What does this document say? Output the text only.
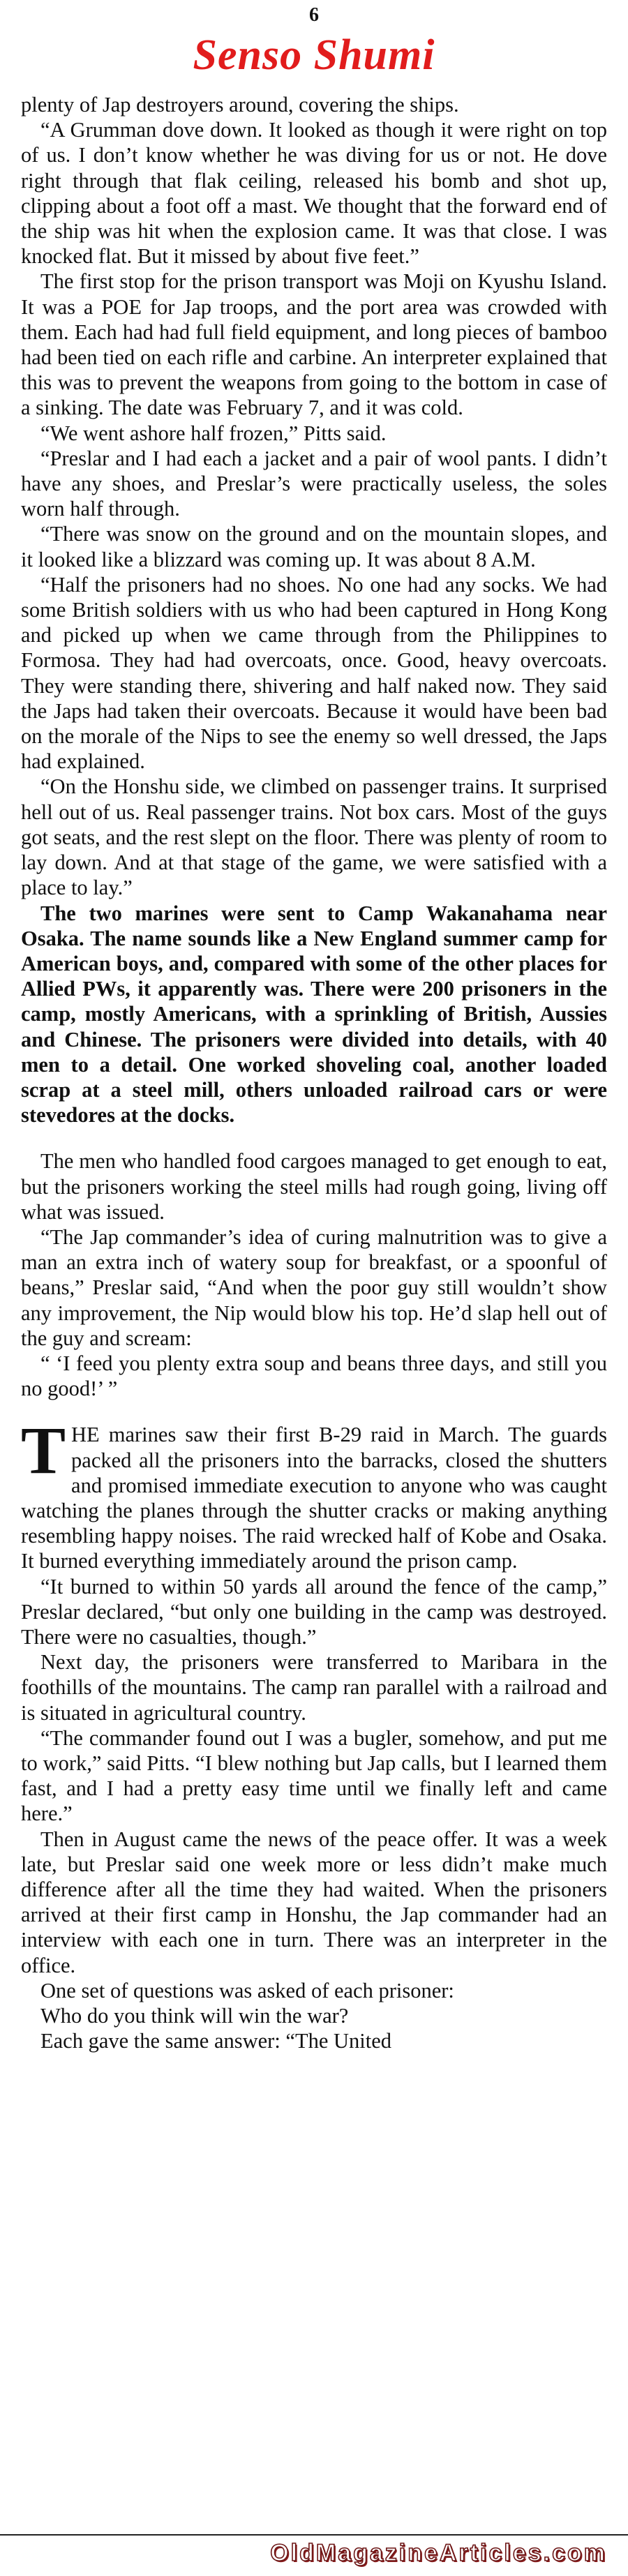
6
Senso Shumi

plenty of Jap destroyers around, covering the ships.

“A Grumman dove down. It looked as though it were right on top of us. I don’t know whether he was diving for us or not. He dove right through that flak ceiling, released his bomb and shot up, clipping about a foot off a mast. We thought that the forward end of the ship was hit when the explosion came. It was that close. I was knocked flat. But it missed by about five feet.”

The first stop for the prison transport was Moji on Kyushu Island. It was a POE for Jap troops, and the port area was crowded with them. Each had had full field equipment, and long pieces of bamboo had been tied on each rifle and carbine. An interpreter explained that this was to prevent the weapons from going to the bottom in case of a sinking. The date was February 7, and it was cold.

“We went ashore half frozen,” Pitts said.

“Preslar and I had each a jacket and a pair of wool pants. I didn’t have any shoes, and Preslar’s were practically useless, the soles worn half through.

“There was snow on the ground and on the mountain slopes, and it looked like a blizzard was coming up. It was about 8 A.M.

“Half the prisoners had no shoes. No one had any socks. We had some British soldiers with us who had been captured in Hong Kong and picked up when we came through from the Philippines to Formosa. They had had overcoats, once. Good, heavy overcoats. They were standing there, shivering and half naked now. They said the Japs had taken their overcoats. Because it would have been bad on the morale of the Nips to see the enemy so well dressed, the Japs had explained.

“On the Honshu side, we climbed on passenger trains. It surprised hell out of us. Real passenger trains. Not box cars. Most of the guys got seats, and the rest slept on the floor. There was plenty of room to lay down. And at that stage of the game, we were satisfied with a place to lay.”

The two marines were sent to Camp Wakanahama near Osaka. The name sounds like a New England summer camp for American boys, and, compared with some of the other places for Allied PWs, it apparently was. There were 200 prisoners in the camp, mostly Americans, with a sprinkling of British, Aussies and Chinese. The prisoners were divided into details, with 40 men to a detail. One worked shoveling coal, another loaded scrap at a steel mill, others unloaded railroad cars or were stevedores at the docks.

The men who handled food cargoes managed to get enough to eat, but the prisoners working the steel mills had rough going, living off what was issued.

“The Jap commander’s idea of curing malnutrition was to give a man an extra inch of watery soup for breakfast, or a spoonful of beans,” Preslar said, “And when the poor guy still wouldn’t show any improvement, the Nip would blow his top. He’d slap hell out of the guy and scream:

“ ‘I feed you plenty extra soup and beans three days, and still you no good!’ ”

THE marines saw their first B-29 raid in March. The guards packed all the prisoners into the barracks, closed the shutters and promised immediate execution to anyone who was caught watching the planes through the shutter cracks or making anything resembling happy noises. The raid wrecked half of Kobe and Osaka. It burned everything immediately around the prison camp.

“It burned to within 50 yards all around the fence of the camp,” Preslar declared, “but only one building in the camp was destroyed. There were no casualties, though.”

Next day, the prisoners were transferred to Maribara in the foothills of the mountains. The camp ran parallel with a railroad and is situated in agricultural country.

“The commander found out I was a bugler, somehow, and put me to work,” said Pitts. “I blew nothing but Jap calls, but I learned them fast, and I had a pretty easy time until we finally left and came here.”

Then in August came the news of the peace offer. It was a week late, but Preslar said one week more or less didn’t make much difference after all the time they had waited. When the prisoners arrived at their first camp in Honshu, the Jap commander had an interview with each one in turn. There was an interpreter in the office.

One set of questions was asked of each prisoner:

Who do you think will win the war?

Each gave the same answer: “The United

OldMagazineArticles.com
